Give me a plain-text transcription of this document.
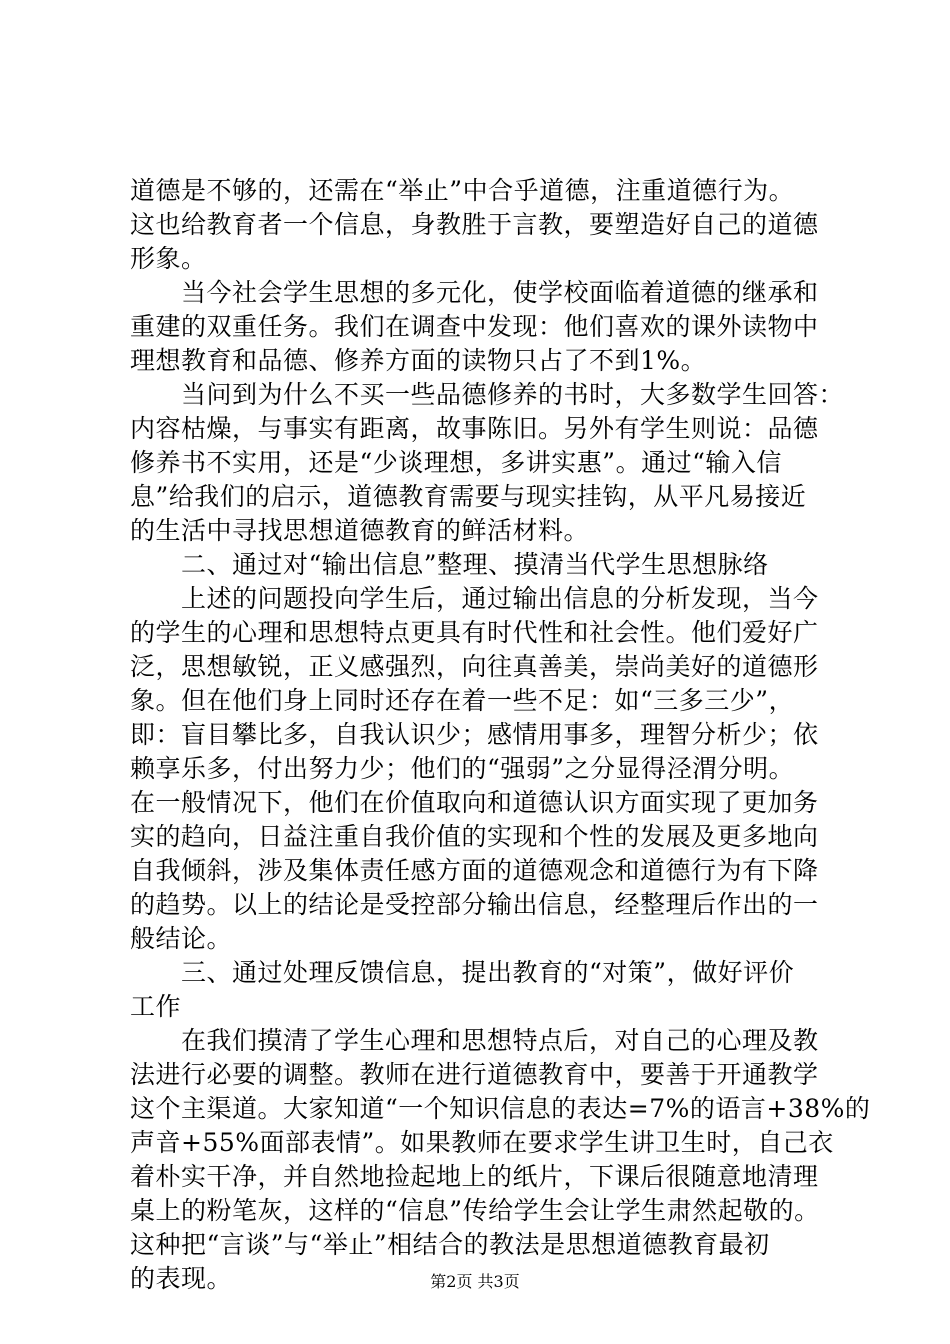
道德是不够的，还需在“举止”中合乎道德，注重道德行为。
这也给教育者一个信息，身教胜于言教，要塑造好自己的道德
形象。
　　当今社会学生思想的多元化，使学校面临着道德的继承和
重建的双重任务。我们在调查中发现：他们喜欢的课外读物中
理想教育和品德、修养方面的读物只占了不到1%。
　　当问到为什么不买一些品德修养的书时，大多数学生回答：
内容枯燥，与事实有距离，故事陈旧。另外有学生则说：品德
修养书不实用，还是“少谈理想，多讲实惠”。通过“输入信
息”给我们的启示，道德教育需要与现实挂钩，从平凡易接近
的生活中寻找思想道德教育的鲜活材料。
　　二、通过对“输出信息”整理、摸清当代学生思想脉络
　　上述的问题投向学生后，通过输出信息的分析发现，当今
的学生的心理和思想特点更具有时代性和社会性。他们爱好广
泛，思想敏锐，正义感强烈，向往真善美，崇尚美好的道德形
象。但在他们身上同时还存在着一些不足：如“三多三少”，
即：盲目攀比多，自我认识少；感情用事多，理智分析少；依
赖享乐多，付出努力少；他们的“强弱”之分显得泾渭分明。
在一般情况下，他们在价值取向和道德认识方面实现了更加务
实的趋向，日益注重自我价值的实现和个性的发展及更多地向
自我倾斜，涉及集体责任感方面的道德观念和道德行为有下降
的趋势。以上的结论是受控部分输出信息，经整理后作出的一
般结论。
　　三、通过处理反馈信息，提出教育的“对策”，做好评价
工作
　　在我们摸清了学生心理和思想特点后，对自己的心理及教
法进行必要的调整。教师在进行道德教育中，要善于开通教学
这个主渠道。大家知道“一个知识信息的表达=7%的语言+38%的
声音+55%面部表情”。如果教师在要求学生讲卫生时，自己衣
着朴实干净，并自然地捡起地上的纸片，下课后很随意地清理
桌上的粉笔灰，这样的“信息”传给学生会让学生肃然起敬的。
这种把“言谈”与“举止”相结合的教法是思想道德教育最初
的表现。	第2页 共3页
